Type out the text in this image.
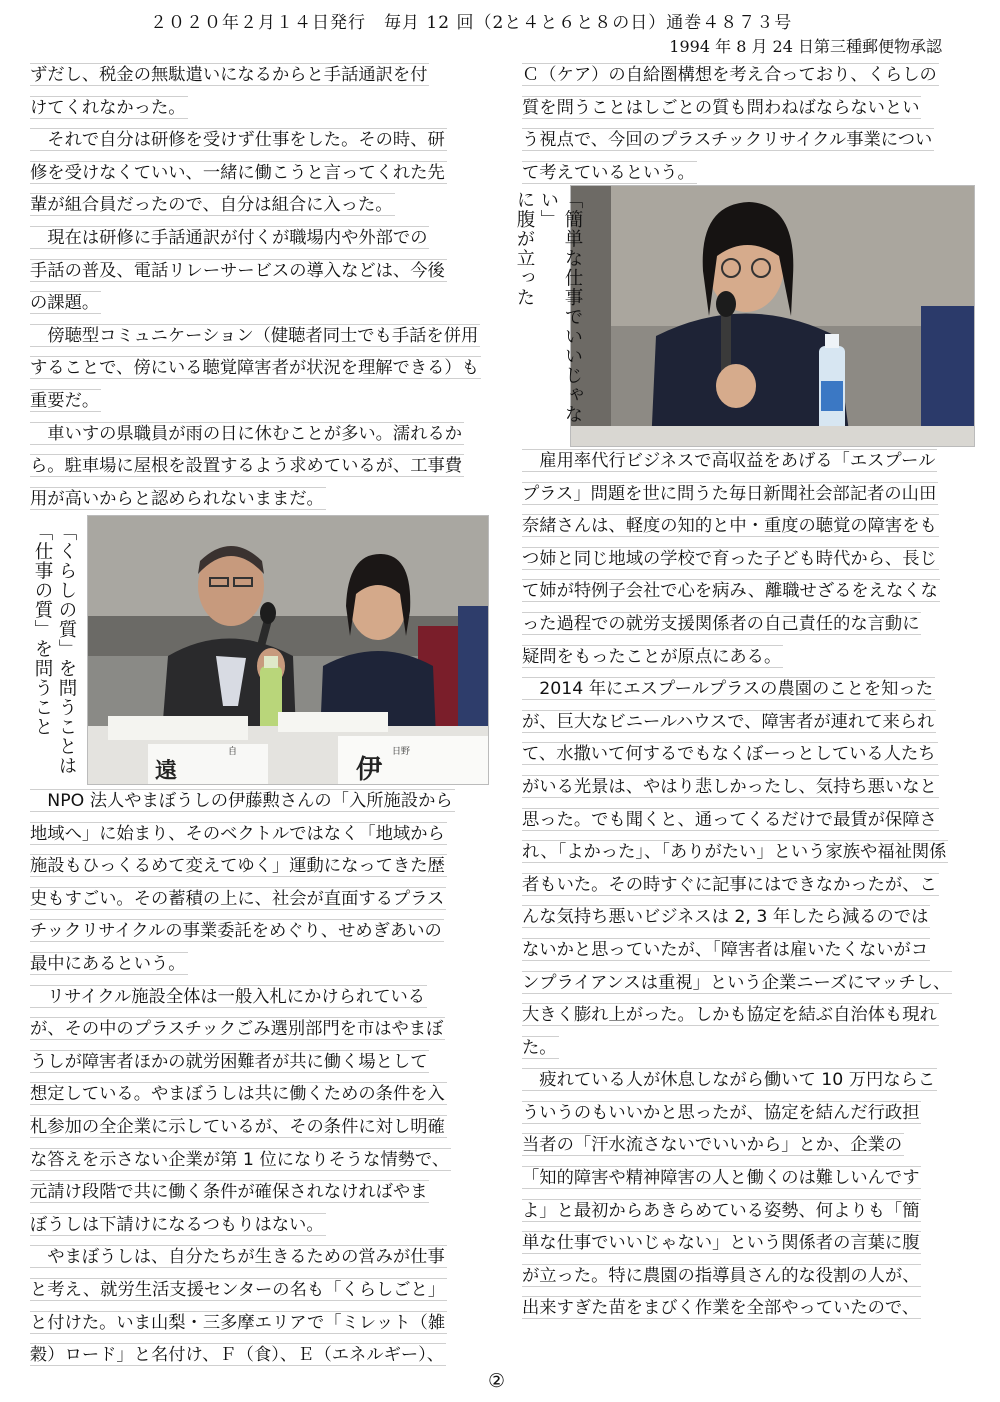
２０２０年２月１４日発行　毎月 12 回（2と４と６と８の日）通巻４８７３号
1994 年 8 月 24 日第三種郵便物承認
ずだし、税金の無駄遣いになるからと手話通訳を付
けてくれなかった。
　それで自分は研修を受けず仕事をした。その時、研
修を受けなくていい、一緒に働こうと言ってくれた先
輩が組合員だったので、自分は組合に入った。
　現在は研修に手話通訳が付くが職場内や外部での
手話の普及、電話リレーサービスの導入などは、今後
の課題。
　傍聴型コミュニケーション（健聴者同士でも手話を併用
することで、傍にいる聴覚障害者が状況を理解できる）も
重要だ。
　車いすの県職員が雨の日に休むことが多い。濡れるか
ら。駐車場に屋根を設置するよう求めているが、工事費
用が高いからと認められないままだ。
遠	伊
自	日野
「くらしの質」を問うことは
「仕事の質」を問うこと
　NPO 法人やまぼうしの伊藤勲さんの「入所施設から
地域へ」に始まり、そのベクトルではなく「地域から
施設もひっくるめて変えてゆく」運動になってきた歴
史もすごい。その蓄積の上に、社会が直面するプラス
チックリサイクルの事業委託をめぐり、せめぎあいの
最中にあるという。
　リサイクル施設全体は一般入札にかけられている
が、その中のプラスチックごみ選別部門を市はやまぼ
うしが障害者ほかの就労困難者が共に働く場として
想定している。やまぼうしは共に働くための条件を入
札参加の全企業に示しているが、その条件に対し明確
な答えを示さない企業が第 1 位になりそうな情勢で、
元請け段階で共に働く条件が確保されなければやま
ぼうしは下請けになるつもりはない。
　やまぼうしは、自分たちが生きるための営みが仕事
と考え、就労生活支援センターの名も「くらしごと」
と付けた。いま山梨・三多摩エリアで「ミレット（雑
穀）ロード」と名付け、Ｆ（食）、Ｅ（エネルギー）、
Ｃ（ケア）の自給圏構想を考え合っており、くらしの
質を問うことはしごとの質も問わねばならないとい
う視点で、今回のプラスチックリサイクル事業につい
て考えているという。
「簡単な仕事でいいじゃない」
に腹が立った
　雇用率代行ビジネスで高収益をあげる「エスプール
プラス」問題を世に問うた毎日新聞社会部記者の山田
奈緒さんは、軽度の知的と中・重度の聴覚の障害をも
つ姉と同じ地域の学校で育った子ども時代から、長じ
て姉が特例子会社で心を病み、離職せざるをえなくな
った過程での就労支援関係者の自己責任的な言動に
疑問をもったことが原点にある。
　2014 年にエスプールプラスの農園のことを知った
が、巨大なビニールハウスで、障害者が連れて来られ
て、水撒いて何するでもなくぼーっとしている人たち
がいる光景は、やはり悲しかったし、気持ち悪いなと
思った。でも聞くと、通ってくるだけで最賃が保障さ
れ、「よかった」、「ありがたい」という家族や福祉関係
者もいた。その時すぐに記事にはできなかったが、こ
んな気持ち悪いビジネスは 2, 3 年したら減るのでは
ないかと思っていたが、「障害者は雇いたくないがコ
ンプライアンスは重視」という企業ニーズにマッチし、
大きく膨れ上がった。しかも協定を結ぶ自治体も現れ
た。
　疲れている人が休息しながら働いて 10 万円ならこ
ういうのもいいかと思ったが、協定を結んだ行政担
当者の「汗水流さないでいいから」とか、企業の
「知的障害や精神障害の人と働くのは難しいんです
よ」と最初からあきらめている姿勢、何よりも「簡
単な仕事でいいじゃない」という関係者の言葉に腹
が立った。特に農園の指導員さん的な役割の人が、
出来すぎた苗をまびく作業を全部やっていたので、
②
